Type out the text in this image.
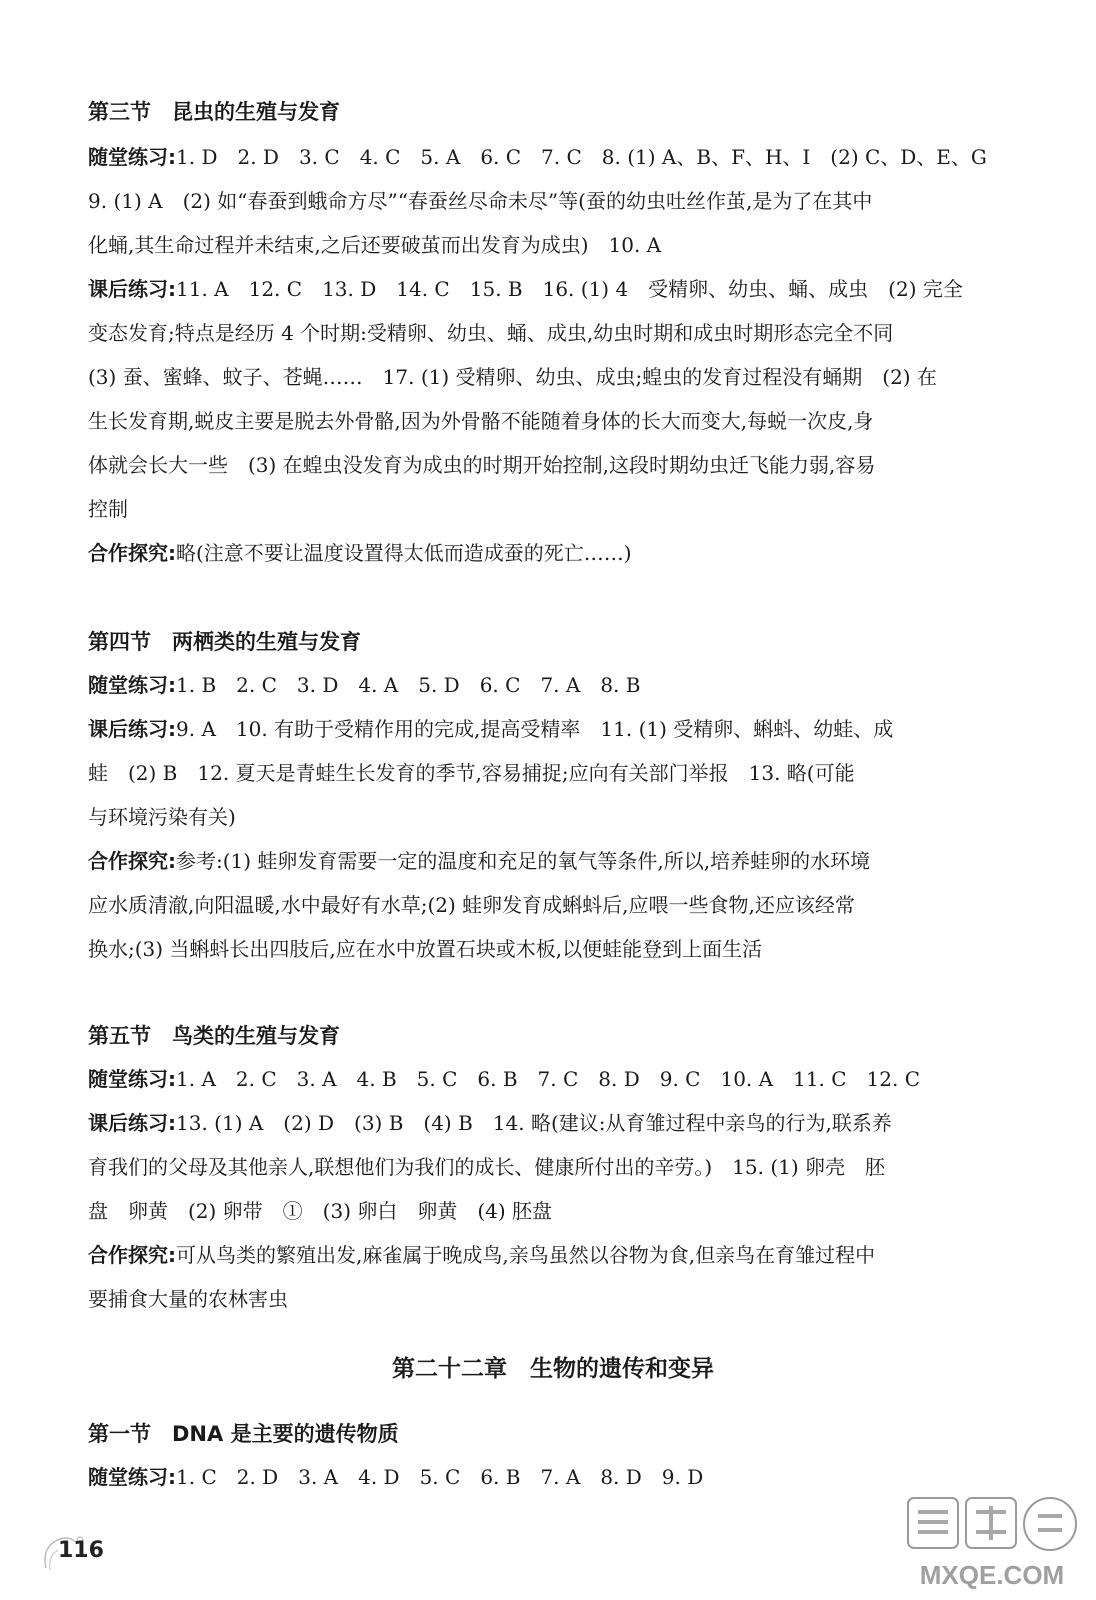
第三节　昆虫的生殖与发育
随堂练习:1. D　2. D　3. C　4. C　5. A　6. C　7. C　8. (1) A、B、F、H、I　(2) C、D、E、G
9. (1) A　(2) 如“春蚕到蛾命方尽”“春蚕丝尽命未尽”等(蚕的幼虫吐丝作茧,是为了在其中
化蛹,其生命过程并未结束,之后还要破茧而出发育为成虫)　10. A
课后练习:11. A　12. C　13. D　14. C　15. B　16. (1) 4　受精卵、幼虫、蛹、成虫　(2) 完全
变态发育;特点是经历 4 个时期:受精卵、幼虫、蛹、成虫,幼虫时期和成虫时期形态完全不同
(3) 蚕、蜜蜂、蚊子、苍蝇……　17. (1) 受精卵、幼虫、成虫;蝗虫的发育过程没有蛹期　(2) 在
生长发育期,蜕皮主要是脱去外骨骼,因为外骨骼不能随着身体的长大而变大,每蜕一次皮,身
体就会长大一些　(3) 在蝗虫没发育为成虫的时期开始控制,这段时期幼虫迁飞能力弱,容易
控制
合作探究:略(注意不要让温度设置得太低而造成蚕的死亡……)
第四节　两栖类的生殖与发育
随堂练习:1. B　2. C　3. D　4. A　5. D　6. C　7. A　8. B
课后练习:9. A　10. 有助于受精作用的完成,提高受精率　11. (1) 受精卵、蝌蚪、幼蛙、成
蛙　(2) B　12. 夏天是青蛙生长发育的季节,容易捕捉;应向有关部门举报　13. 略(可能
与环境污染有关)
合作探究:参考:(1) 蛙卵发育需要一定的温度和充足的氧气等条件,所以,培养蛙卵的水环境
应水质清澈,向阳温暖,水中最好有水草;(2) 蛙卵发育成蝌蚪后,应喂一些食物,还应该经常
换水;(3) 当蝌蚪长出四肢后,应在水中放置石块或木板,以便蛙能登到上面生活
第五节　鸟类的生殖与发育
随堂练习:1. A　2. C　3. A　4. B　5. C　6. B　7. C　8. D　9. C　10. A　11. C　12. C
课后练习:13. (1) A　(2) D　(3) B　(4) B　14. 略(建议:从育雏过程中亲鸟的行为,联系养
育我们的父母及其他亲人,联想他们为我们的成长、健康所付出的辛劳。)　15. (1) 卵壳　胚
盘　卵黄　(2) 卵带　①　(3) 卵白　卵黄　(4) 胚盘
合作探究:可从鸟类的繁殖出发,麻雀属于晚成鸟,亲鸟虽然以谷物为食,但亲鸟在育雏过程中
要捕食大量的农林害虫
第二十二章　生物的遗传和变异
第一节　DNA 是主要的遗传物质
随堂练习:1. C　2. D　3. A　4. D　5. C　6. B　7. A　8. D　9. D
116
MXQE.COM
